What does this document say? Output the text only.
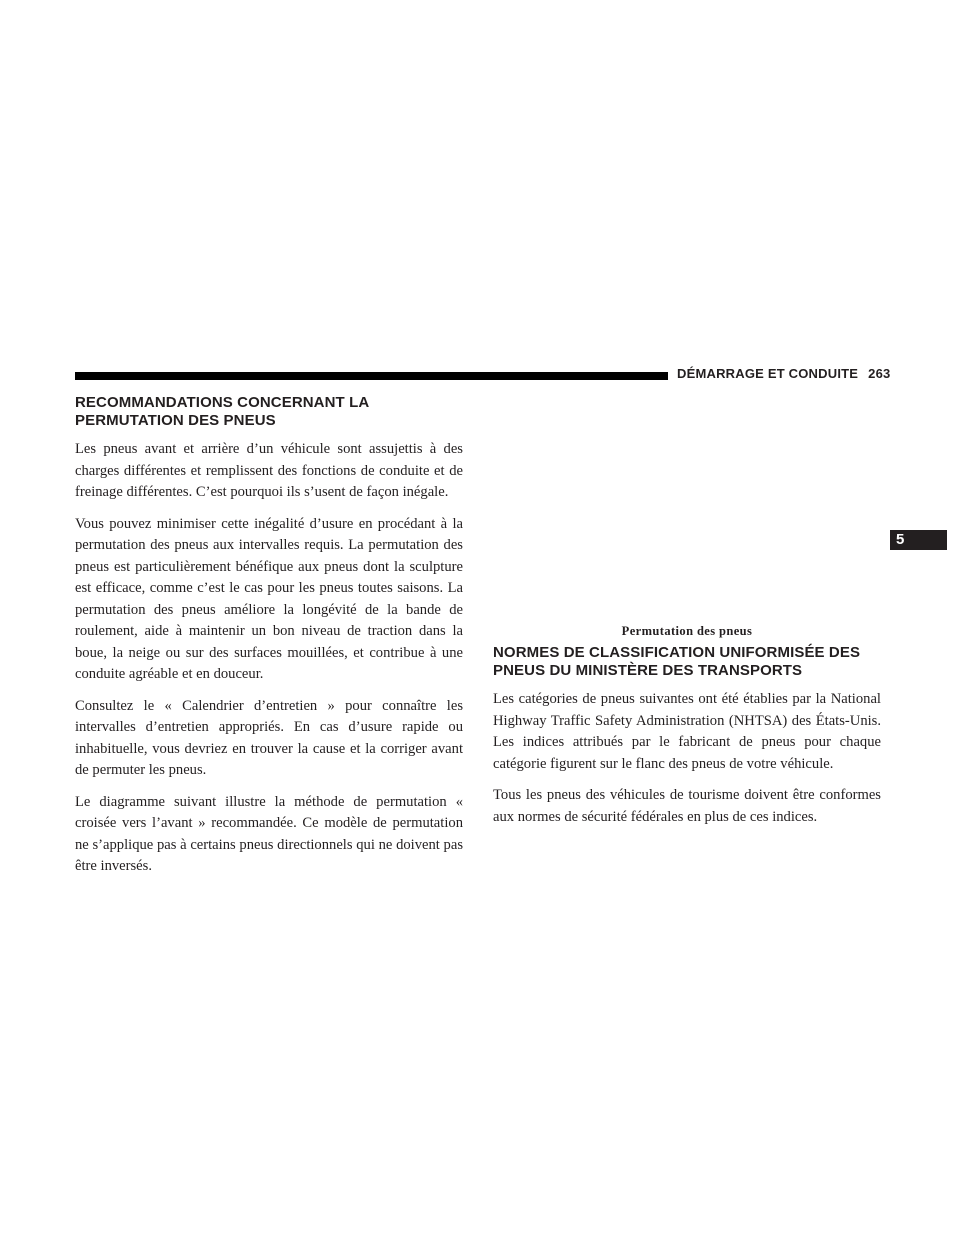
DÉMARRAGE ET CONDUITE 263
5
RECOMMANDATIONS CONCERNANT LA
PERMUTATION DES PNEUS

Les pneus avant et arrière d’un véhicule sont assujettis à des charges différentes et remplissent des fonctions de conduite et de freinage différentes. C’est pourquoi ils s’usent de façon inégale.

Vous pouvez minimiser cette inégalité d’usure en procédant à la permutation des pneus aux intervalles requis. La permutation des pneus est particulièrement bénéfique aux pneus dont la sculpture est efficace, comme c’est le cas pour les pneus toutes saisons. La permutation des pneus améliore la longévité de la bande de roulement, aide à maintenir un bon niveau de traction dans la boue, la neige ou sur des surfaces mouillées, et contribue à une conduite agréable et en douceur.

Consultez le « Calendrier d’entretien » pour connaître les intervalles d’entretien appropriés. En cas d’usure rapide ou inhabituelle, vous devriez en trouver la cause et la corriger avant de permuter les pneus.

Le diagramme suivant illustre la méthode de permutation « croisée vers l’avant » recommandée. Ce modèle de permutation ne s’applique pas à certains pneus directionnels qui ne doivent pas être inversés.

Permutation des pneus
NORMES DE CLASSIFICATION UNIFORMISÉE DES
PNEUS DU MINISTÈRE DES TRANSPORTS

Les catégories de pneus suivantes ont été établies par la National Highway Traffic Safety Administration (NHTSA) des États-Unis. Les indices attribués par le fabricant de pneus pour chaque catégorie figurent sur le flanc des pneus de votre véhicule.

Tous les pneus des véhicules de tourisme doivent être conformes aux normes de sécurité fédérales en plus de ces indices.
